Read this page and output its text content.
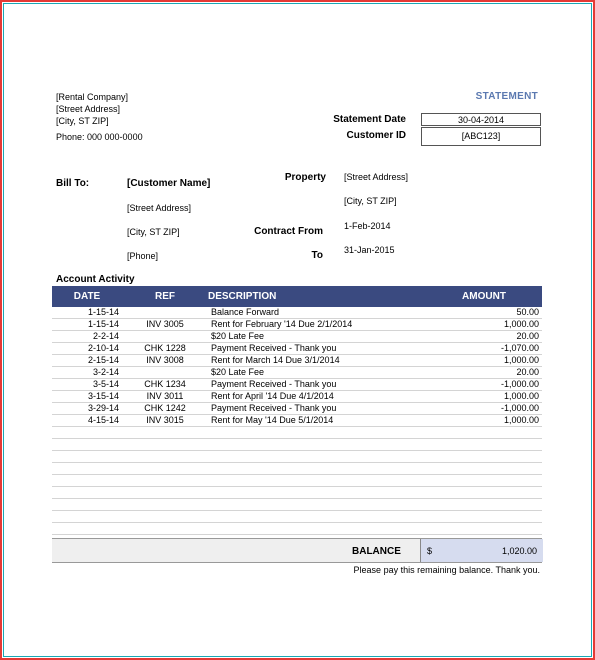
[Rental Company]
[Street Address]
[City, ST ZIP]
Phone: 000 000-0000
STATEMENT
Statement Date	30-04-2014
Customer ID	[ABC123]
Bill To:	[Customer Name]
[Street Address]
[City, ST ZIP]
[Phone]
Property [Street Address]
[City, ST ZIP]
Contract From 1-Feb-2014
To 31-Jan-2015
Account Activity
DATE	REF	DESCRIPTION	AMOUNT
1-15-14		Balance Forward	50.00
1-15-14	INV 3005	Rent for February '14 Due 2/1/2014	1,000.00
2-2-14		$20 Late Fee	20.00
2-10-14	CHK 1228	Payment Received - Thank you	-1,070.00
2-15-14	INV 3008	Rent for March 14 Due 3/1/2014	1,000.00
3-2-14		$20 Late Fee	20.00
3-5-14	CHK 1234	Payment Received - Thank you	-1,000.00
3-15-14	INV 3011	Rent for April '14 Due 4/1/2014	1,000.00
3-29-14	CHK 1242	Payment Received - Thank you	-1,000.00
4-15-14	INV 3015	Rent for May '14 Due 5/1/2014	1,000.00

BALANCE	$	1,020.00
Please pay this remaining balance. Thank you.
